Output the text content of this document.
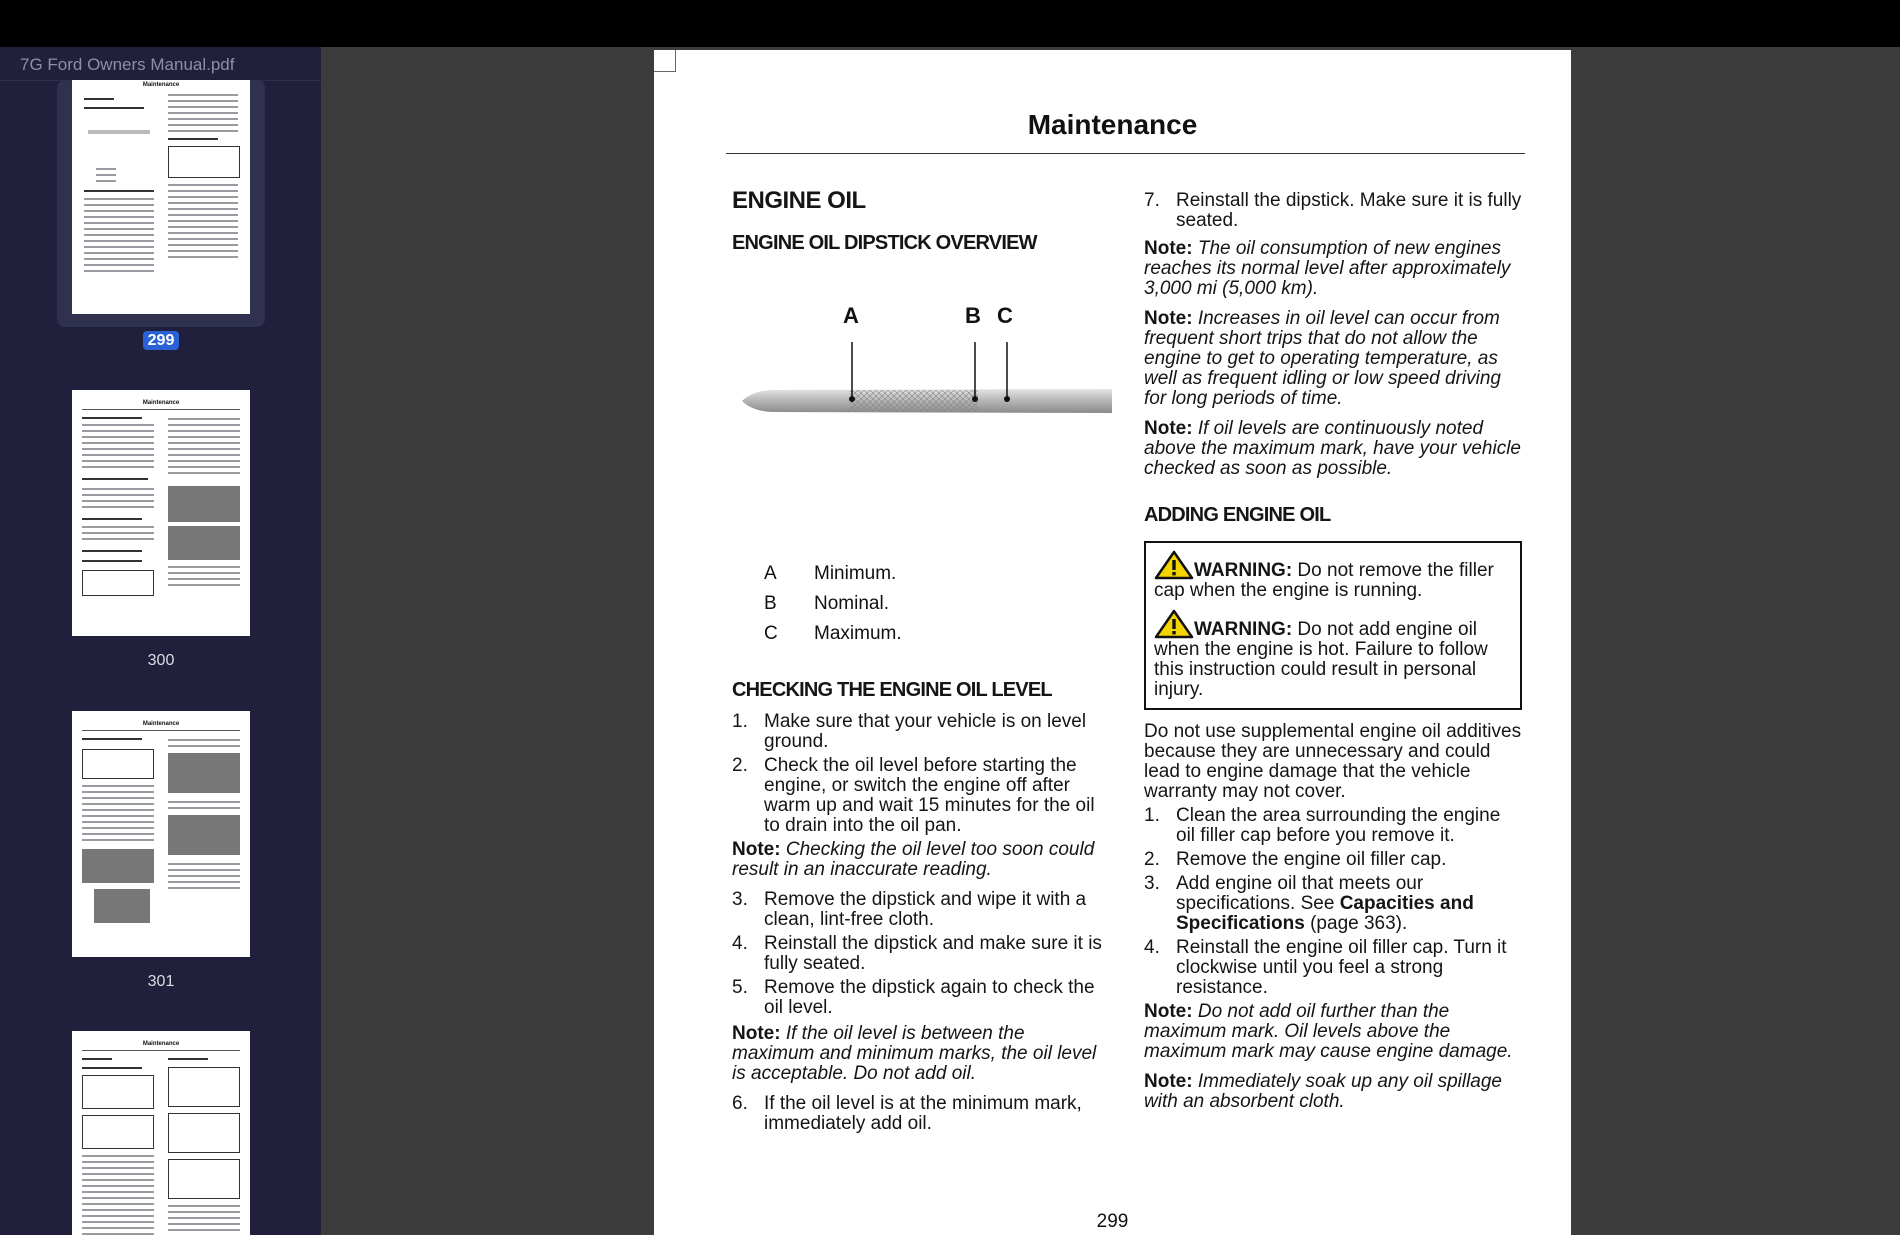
7G Ford Owners Manual.pdf
Maintenance
299
Maintenance
300
Maintenance
301
Maintenance
Maintenance
ENGINE OIL
ENGINE OIL DIPSTICK OVERVIEW
A	B C
A	Minimum.
B	Nominal.
C	Maximum.
CHECKING THE ENGINE OIL LEVEL
1. Make sure that your vehicle is on level ground.
2. Check the oil level before starting the engine, or switch the engine off after warm up and wait 15 minutes for the oil to drain into the oil pan.
Note: Checking the oil level too soon could result in an inaccurate reading.
3. Remove the dipstick and wipe it with a clean, lint-free cloth.
4. Reinstall the dipstick and make sure it is fully seated.
5. Remove the dipstick again to check the oil level.
Note: If the oil level is between the maximum and minimum marks, the oil level is acceptable. Do not add oil.
6. If the oil level is at the minimum mark, immediately add oil.
7. Reinstall the dipstick. Make sure it is fully seated.
Note: The oil consumption of new engines reaches its normal level after approximately 3,000 mi (5,000 km).
Note: Increases in oil level can occur from frequent short trips that do not allow the engine to get to operating temperature, as well as frequent idling or low speed driving for long periods of time.
Note: If oil levels are continuously noted above the maximum mark, have your vehicle checked as soon as possible.
ADDING ENGINE OIL
WARNING: Do not remove the filler cap when the engine is running.
WARNING: Do not add engine oil when the engine is hot. Failure to follow this instruction could result in personal injury.
Do not use supplemental engine oil additives because they are unnecessary and could lead to engine damage that the vehicle warranty may not cover.
1. Clean the area surrounding the engine oil filler cap before you remove it.
2. Remove the engine oil filler cap.
3. Add engine oil that meets our specifications. See Capacities and Specifications (page 363).
4. Reinstall the engine oil filler cap. Turn it clockwise until you feel a strong resistance.
Note: Do not add oil further than the maximum mark. Oil levels above the maximum mark may cause engine damage.
Note: Immediately soak up any oil spillage with an absorbent cloth.
299
